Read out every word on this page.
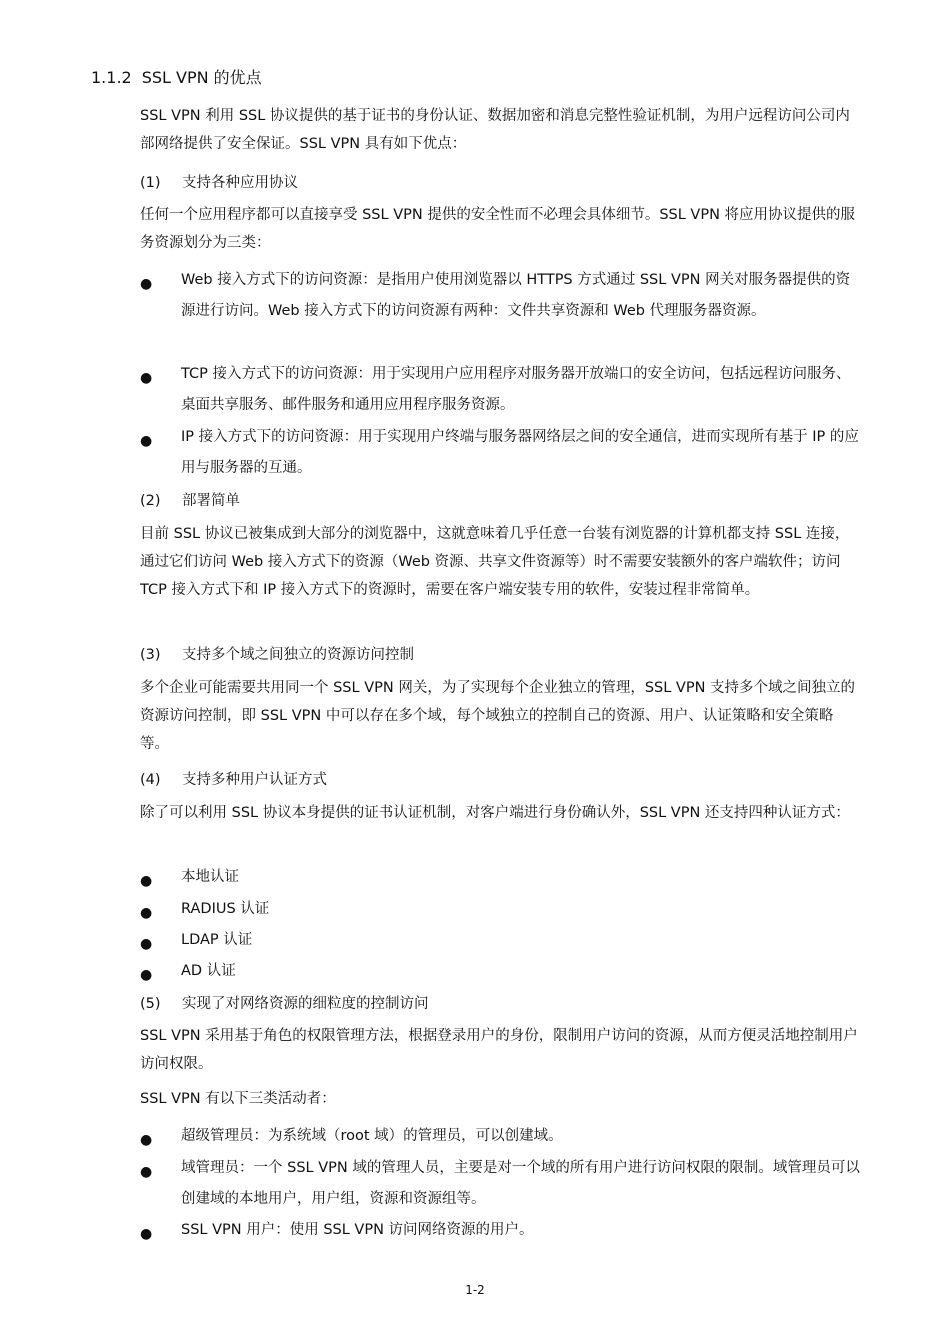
1.1.2 SSL VPN 的优点
SSL VPN 利用 SSL 协议提供的基于证书的身份认证、数据加密和消息完整性验证机制，为用户远程访问公司内部网络提供了安全保证。SSL VPN 具有如下优点：
(1) 支持各种应用协议
任何一个应用程序都可以直接享受 SSL VPN 提供的安全性而不必理会具体细节。SSL VPN 将应用协议提供的服务资源划分为三类：
● Web 接入方式下的访问资源：是指用户使用浏览器以 HTTPS 方式通过 SSL VPN 网关对服务器提供的资源进行访问。Web 接入方式下的访问资源有两种：文件共享资源和 Web 代理服务器资源。
● TCP 接入方式下的访问资源：用于实现用户应用程序对服务器开放端口的安全访问，包括远程访问服务、桌面共享服务、邮件服务和通用应用程序服务资源。
● IP 接入方式下的访问资源：用于实现用户终端与服务器网络层之间的安全通信，进而实现所有基于 IP 的应用与服务器的互通。
(2) 部署简单
目前 SSL 协议已被集成到大部分的浏览器中，这就意味着几乎任意一台装有浏览器的计算机都支持 SSL 连接，通过它们访问 Web 接入方式下的资源（Web 资源、共享文件资源等）时不需要安装额外的客户端软件；访问 TCP 接入方式下和 IP 接入方式下的资源时，需要在客户端安装专用的软件，安装过程非常简单。
(3) 支持多个域之间独立的资源访问控制
多个企业可能需要共用同一个 SSL VPN 网关，为了实现每个企业独立的管理，SSL VPN 支持多个域之间独立的资源访问控制，即 SSL VPN 中可以存在多个域，每个域独立的控制自己的资源、用户、认证策略和安全策略等。
(4) 支持多种用户认证方式
除了可以利用 SSL 协议本身提供的证书认证机制，对客户端进行身份确认外，SSL VPN 还支持四种认证方式：
● 本地认证
● RADIUS 认证
● LDAP 认证
● AD 认证
(5) 实现了对网络资源的细粒度的控制访问
SSL VPN 采用基于角色的权限管理方法，根据登录用户的身份，限制用户访问的资源，从而方便灵活地控制用户访问权限。
SSL VPN 有以下三类活动者：
● 超级管理员：为系统域（root 域）的管理员，可以创建域。
● 域管理员：一个 SSL VPN 域的管理人员，主要是对一个域的所有用户进行访问权限的限制。域管理员可以创建域的本地用户，用户组，资源和资源组等。
● SSL VPN 用户：使用 SSL VPN 访问网络资源的用户。
1-2
